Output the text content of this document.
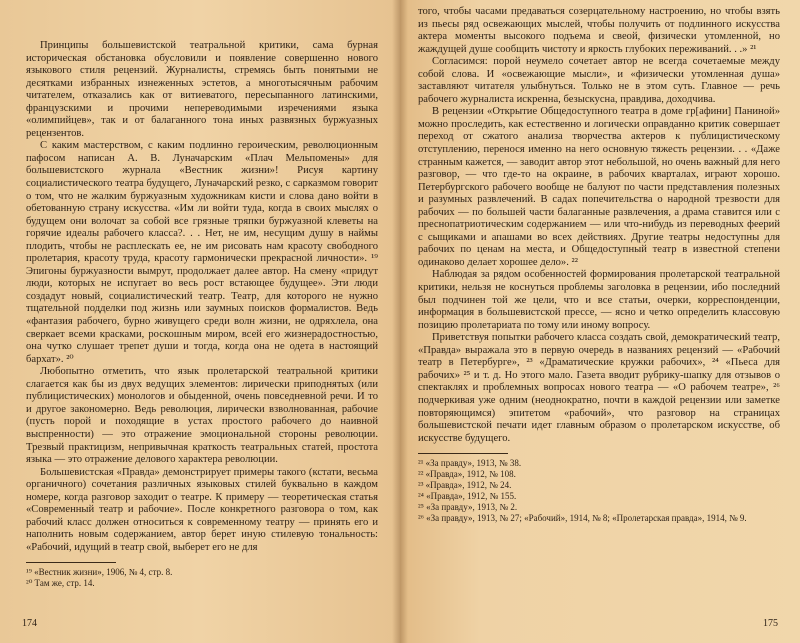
Принципы большевистской театральной критики, сама бурная историческая обстановка обусловили и появление совершенно нового языкового стиля рецензий. Журналисты, стремясь быть понятыми не десятками избранных изнеженных эстетов, а многотысячным рабочим читателем, отказались как от витиеватого, пересыпанного латинскими, французскими и прочими непереводимыми изречениями языка «олимпийцев», так и от балаганного тона иных развязных буржуазных рецензентов.

С каким мастерством, с каким подлинно героическим, революционным пафосом написан А. В. Луначарским «Плач Мельпомены» для большевистского журнала «Вестник жизни»! Рисуя картину социалистического театра будущего, Луначарский резко, с сарказмом говорит о том, что не жалким буржуазным художникам кисти и слова дано войти в обетованную страну искусства. «Им ли войти туда, когда в своих мыслях о будущем они волочат за собой все грязные тряпки буржуазной клеветы на горячие идеалы рабочего класса?. . . Нет, не им, несущим душу в наймы плодить, чтобы не расплескать ее, не им рисовать нам красоту свободного пролетария, красоту труда, красоту гармонически прекрасной личности». ¹⁹ Эпигоны буржуазности вымрут, продолжает далее автор. На смену «придут люди, которых не испугает во весь рост встающее будущее». Эти люди создадут новый, социалистический театр. Театр, для которого не нужно тщательной подделки под жизнь или заумных поисков формалистов. Ведь «фантазия рабочего, бурно живущего среди волн жизни, не одряхлела, она сверкает всеми красками, роскошным миром, всей его жизнерадостностью, она чутко слушает трепет души и тогда, когда она не одета в настоящий бархат». ²⁰

Любопытно отметить, что язык пролетарской театральной критики слагается как бы из двух ведущих элементов: лирически приподнятых (или публицистических) монологов и обыденной, очень повседневной речи. И то и другое закономерно. Ведь революция, лирически взволнованная, рабочие (пусть порой и походящие в устах простого рабочего до наивной выспренности) — это отражение эмоциональной стороны революции. Трезвый практицизм, непривычная краткость театральных статей, простота языка — это отражение делового характера революции.

Большевистская «Правда» демонстрирует примеры такого (кстати, весьма органичного) сочетания различных языковых стилей буквально в каждом номере, когда разговор заходит о театре. К примеру — теоретическая статья «Современный театр и рабочие». После конкретного разговора о том, как рабочий класс должен относиться к современному театру — принять его и наполнить новым содержанием, автор берет иную стилевую тональность: «Рабочий, идущий в театр свой, выберет его не для

¹⁹ «Вестник жизни», 1906, № 4, стр. 8.
²⁰ Там же, стр. 14.
174

того, чтобы часами предаваться созерцательному настроению, но чтобы взять из пьесы ряд освежающих мыслей, чтобы получить от подлинного искусства актера моменты высокого подъема и свеой, физически утомленной, но жаждущей душе сообщить чистоту и яркость глубоких переживаний. . .» ²¹

Согласимся: порой неумело сочетает автор не всегда сочетаемые между собой слова. И «освежающие мысли», и «физически утомленная душа» заставляют читателя улыбнуться. Только не в этом суть. Главное — речь рабочего журналиста искренна, безыскусна, правдива, доходчива.

В рецензии «Открытие Общедоступного театра в доме гр[афини] Паниной» можно проследить, как естественно и логически оправданно критик совершает переход от сжатого анализа творчества актеров к публицистическому отступлению, перенося именно на него основную тяжесть рецензии. . . «Даже странным кажется, — заводит автор этот небольшой, но очень важный для него разговор, — что где-то на окраине, в рабочих кварталах, играют хорошо. Петербургского рабочего вообще не балуют по части представления полезных и разумных развлечений. В садах попечительства о народной трезвости для рабочих — по большей части балаганные развлечения, а драма ставится или с преснопатриотическим содержанием — или что-нибудь из переводных феерий с сыщиками и апашами во всех действиях. Другие театры недоступны для рабочих по ценам на места, и Общедоступный театр в известной степени одинаково делает хорошее дело». ²²

Наблюдая за рядом особенностей формирования пролетарской театральной критики, нельзя не коснуться проблемы заголовка в рецензии, ибо последний был подчинен той же цели, что и все статьи, очерки, корреспонденции, информация в большевистской прессе, — ясно и четко определить классовую позицию пролетариата по тому или иному вопросу.

Приветствуя попытки рабочего класса создать свой, демократический театр, «Правда» выражала это в первую очередь в названиях рецензий — «Рабочий театр в Петербурге», ²³ «Драматические кружки рабочих», ²⁴ «Пьеса для рабочих» ²⁵ и т. д. Но этого мало. Газета вводит рубрику-шапку для отзывов о спектаклях и проблемных вопросах нового театра — «О рабочем театре», ²⁶ подчеркивая уже одним (неоднократно, почти в каждой рецензии или заметке повторяющимся) эпитетом «рабочий», что разговор на страницах большевистской печати идет главным образом о пролетарском искусстве, об искусстве будущего.

²¹ «За правду», 1913, № 38.
²² «Правда», 1912, № 108.
²³ «Правда», 1912, № 24.
²⁴ «Правда», 1912, № 155.
²⁵ «За правду», 1913, № 2.
²⁶ «За правду», 1913, № 27; «Рабочий», 1914, № 8; «Пролетарская правда», 1914, № 9.
175
